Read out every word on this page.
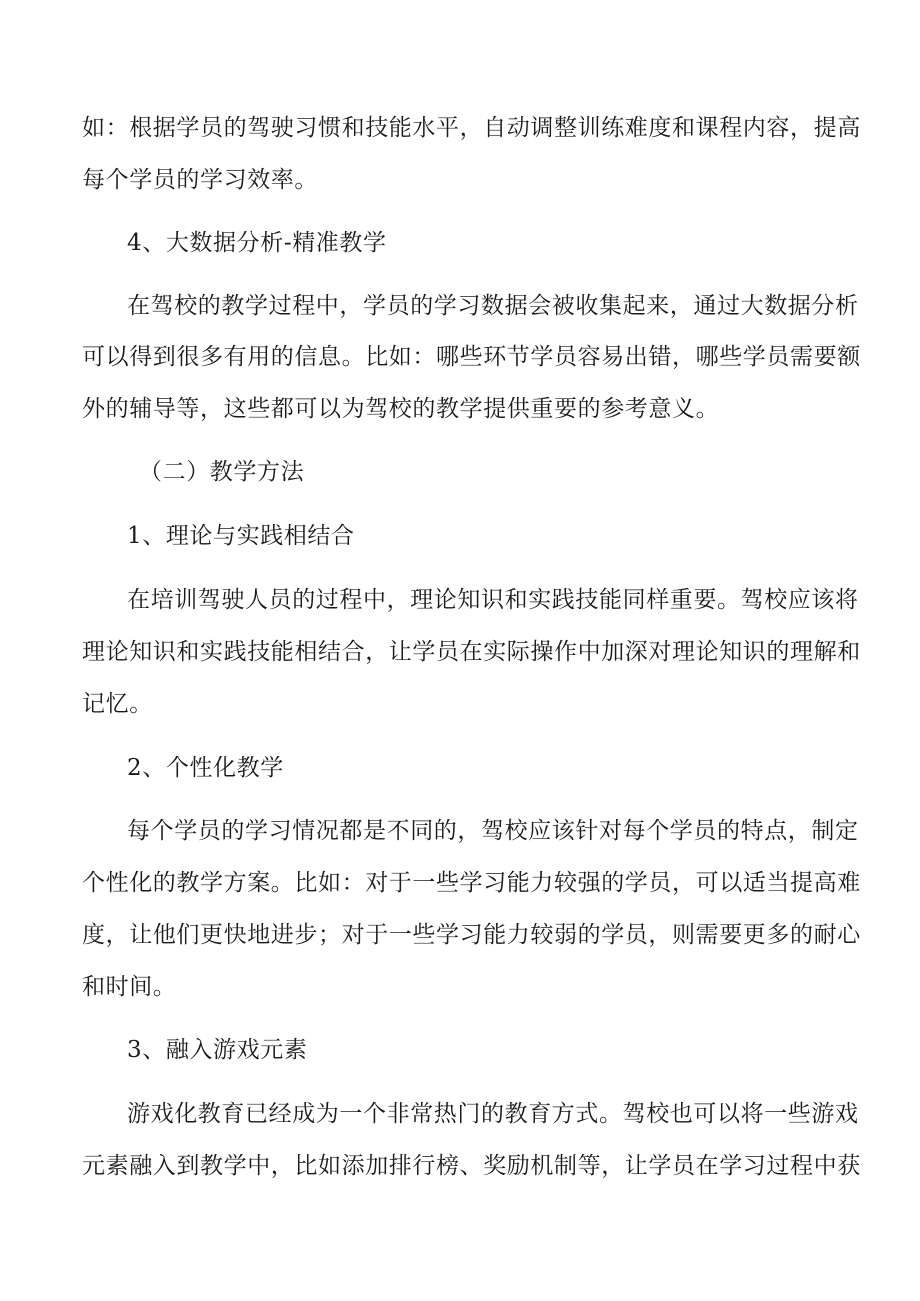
如：根据学员的驾驶习惯和技能水平，自动调整训练难度和课程内容，提高
每个学员的学习效率。
4、大数据分析-精准教学
在驾校的教学过程中，学员的学习数据会被收集起来，通过大数据分析
可以得到很多有用的信息。比如：哪些环节学员容易出错，哪些学员需要额
外的辅导等，这些都可以为驾校的教学提供重要的参考意义。
（二）教学方法
1、理论与实践相结合
在培训驾驶人员的过程中，理论知识和实践技能同样重要。驾校应该将
理论知识和实践技能相结合，让学员在实际操作中加深对理论知识的理解和
记忆。
2、个性化教学
每个学员的学习情况都是不同的，驾校应该针对每个学员的特点，制定
个性化的教学方案。比如：对于一些学习能力较强的学员，可以适当提高难
度，让他们更快地进步；对于一些学习能力较弱的学员，则需要更多的耐心
和时间。
3、融入游戏元素
游戏化教育已经成为一个非常热门的教育方式。驾校也可以将一些游戏
元素融入到教学中，比如添加排行榜、奖励机制等，让学员在学习过程中获
